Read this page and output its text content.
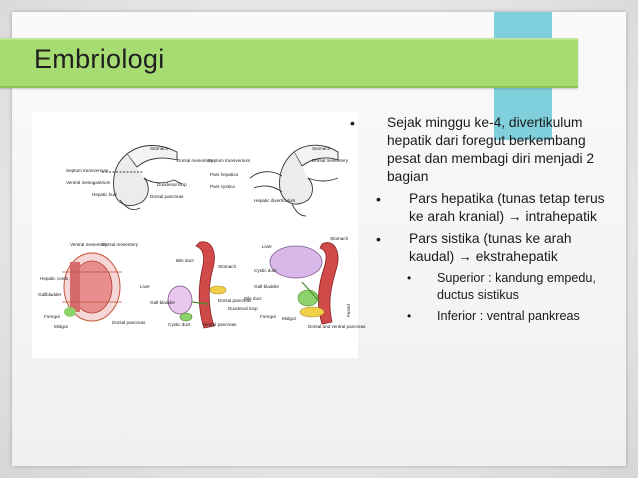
Embriologi
Stomach
Dorsal mesentery
Septum transversum
Duodenal loop
Ventral mesogastrium
Hepatic bud	Dorsal pancreas
Stomach
Septum transversum	Dorsal mesentery
Pars hepatica
Pars cystica
Hepatic diverticulum
Ventral mesentery
Dorsal mesentery
Hepatic cords
Gallbladder
Foregut
Midgut
Dorsal pancreas
Bile duct
Stomach
Liver
Gall-bladder
Cystic duct	Ventral pancreas
Dorsal pancreas
Liver
Stomach
Cystic duct
Gall-bladder
Duodenal loop
Bile duct
Foregut Midgut
Dorsal and ventral pancreas
Fused
• Sejak minggu ke-4, divertikulum hepatik dari foregut berkembang pesat dan membagi diri menjadi 2 bagian
• Pars hepatika (tunas tetap terus ke arah kranial) → intrahepatik
• Pars sistika (tunas ke arah kaudal) → ekstrahepatik
• Superior : kandung empedu, ductus sistikus
• Inferior : ventral pankreas
